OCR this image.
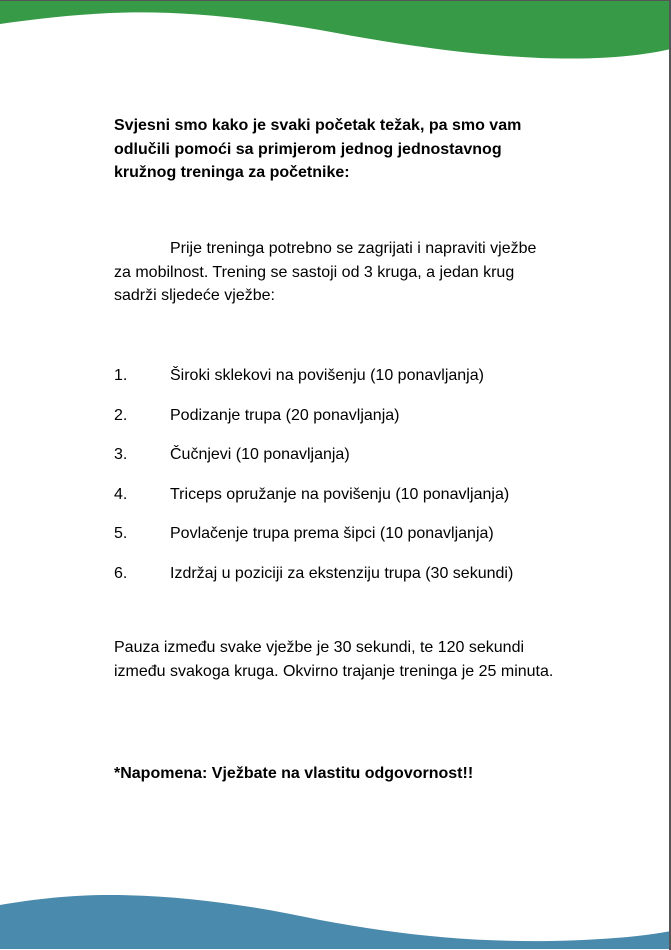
Svjesni smo kako je svaki početak težak, pa smo vam odlučili pomoći sa primjerom jednog jednostavnog kružnog treninga za početnike:
Prije treninga potrebno se zagrijati i napraviti vježbe za mobilnost. Trening se sastoji od 3 kruga, a jedan krug sadrži sljedeće vježbe:
1.	Široki sklekovi na povišenju (10 ponavljanja)
2.	Podizanje trupa (20 ponavljanja)
3.	Čučnjevi (10 ponavljanja)
4.	Triceps opružanje na povišenju (10 ponavljanja)
5.	Povlačenje trupa prema šipci (10 ponavljanja)
6.	Izdržaj u poziciji za ekstenziju trupa (30 sekundi)
Pauza između svake vježbe je 30 sekundi, te 120 sekundi između svakoga kruga. Okvirno trajanje treninga je 25 minuta.
*Napomena: Vježbate na vlastitu odgovornost!!
